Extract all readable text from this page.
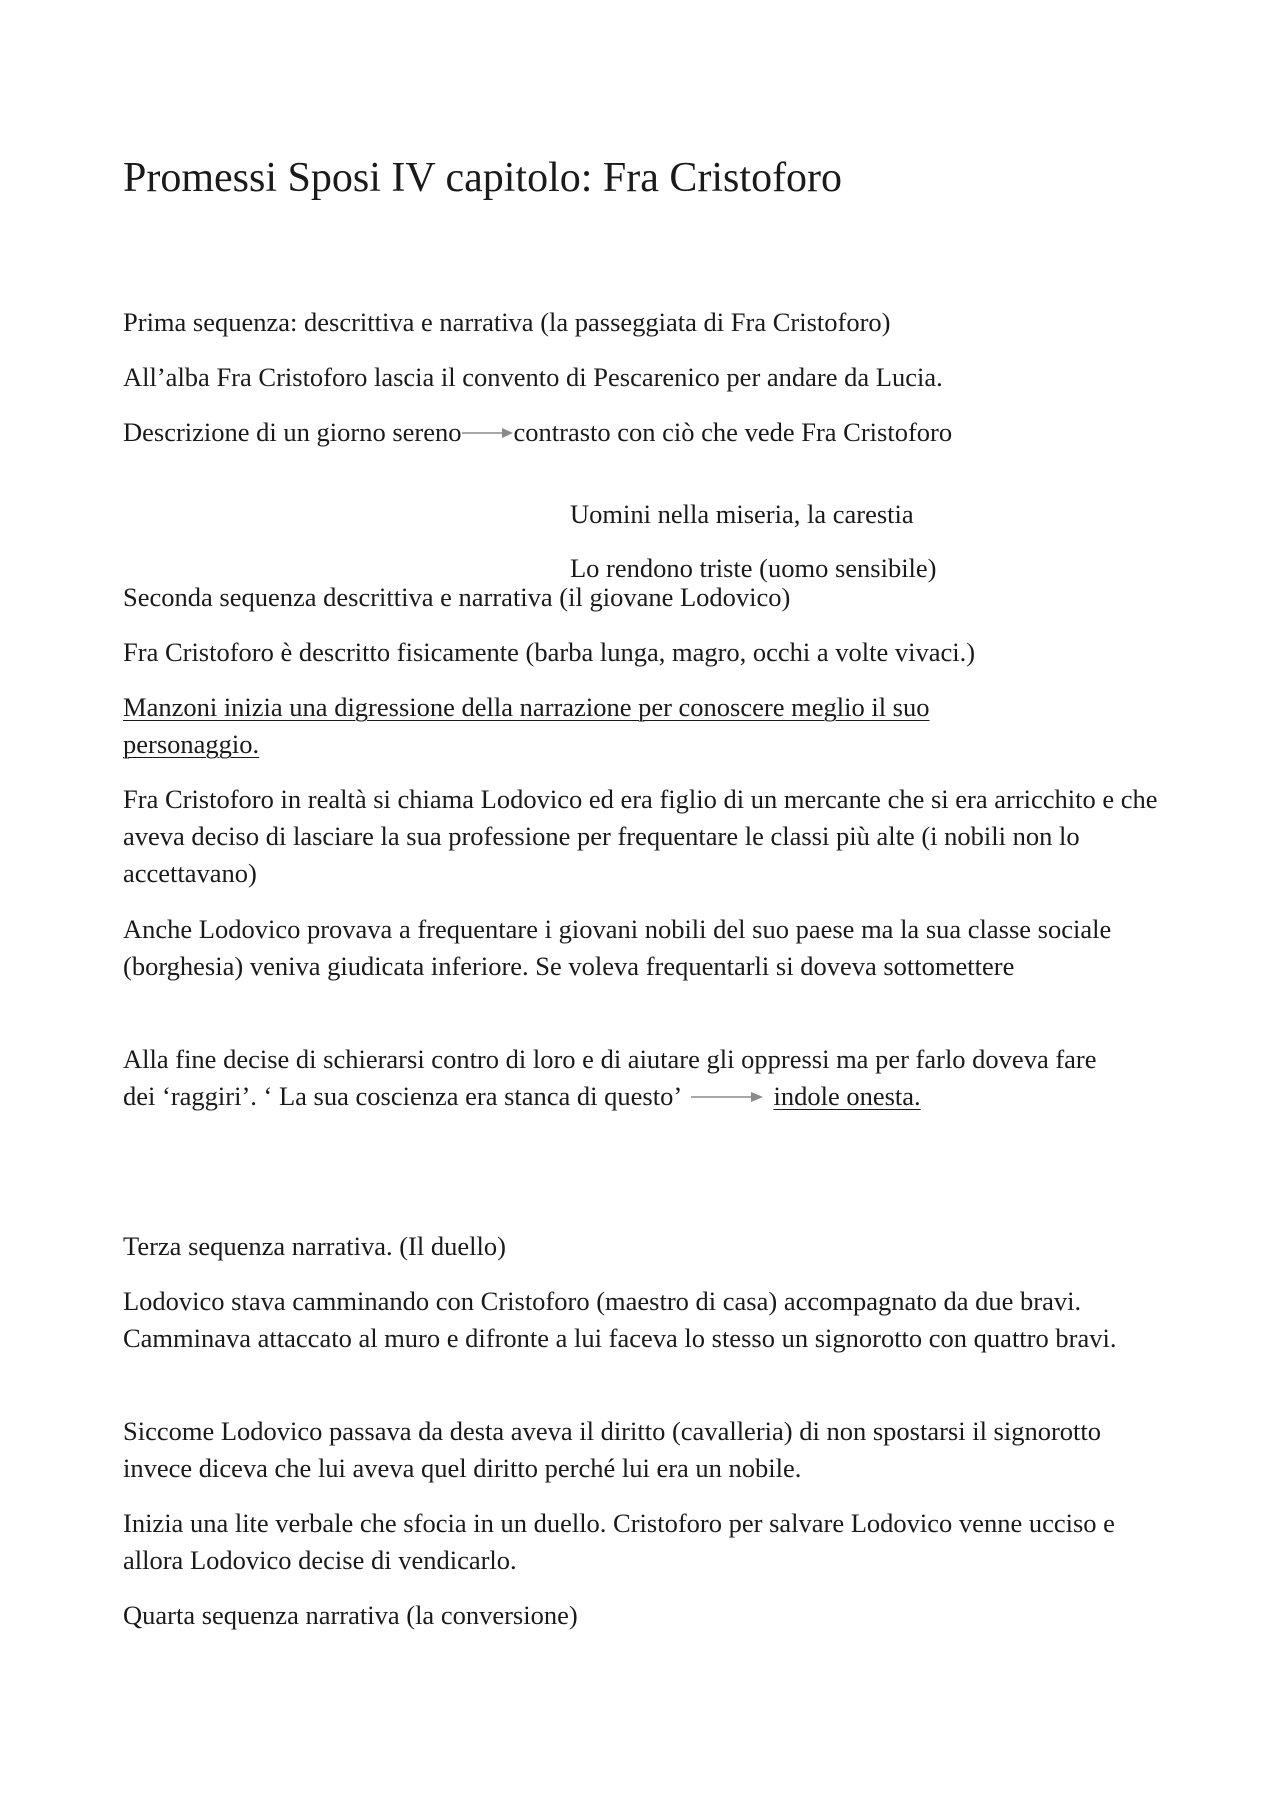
Promessi Sposi IV capitolo: Fra Cristoforo

Prima sequenza: descrittiva e narrativa (la passeggiata di Fra Cristoforo)

All’alba Fra Cristoforo lascia il convento di Pescarenico per andare da Lucia.

Descrizione di un giorno sereno contrasto con ciò che vede Fra Cristoforo

Uomini nella miseria, la carestia

Lo rendono triste (uomo sensibile)

Seconda sequenza descrittiva e narrativa (il giovane Lodovico)

Fra Cristoforo è descritto fisicamente (barba lunga, magro, occhi a volte vivaci.)

Manzoni inizia una digressione della narrazione per conoscere meglio il suo personaggio.

Fra Cristoforo in realtà si chiama Lodovico ed era figlio di un mercante che si era arricchito e che aveva deciso di lasciare la sua professione per frequentare le classi più alte (i nobili non lo accettavano)

Anche Lodovico provava a frequentare i giovani nobili del suo paese ma la sua classe sociale (borghesia) veniva giudicata inferiore. Se voleva frequentarli si doveva sottomettere

Alla fine decise di schierarsi contro di loro e di aiutare gli oppressi ma per farlo doveva fare dei ‘raggiri’. ‘ La sua coscienza era stanca di questo’	indole onesta.

Terza sequenza narrativa. (Il duello)

Lodovico stava camminando con Cristoforo (maestro di casa) accompagnato da due bravi. Camminava attaccato al muro e difronte a lui faceva lo stesso un signorotto con quattro bravi.

Siccome Lodovico passava da desta aveva il diritto (cavalleria) di non spostarsi il signorotto invece diceva che lui aveva quel diritto perché lui era un nobile.

Inizia una lite verbale che sfocia in un duello. Cristoforo per salvare Lodovico venne ucciso e allora Lodovico decise di vendicarlo.

Quarta sequenza narrativa (la conversione)
